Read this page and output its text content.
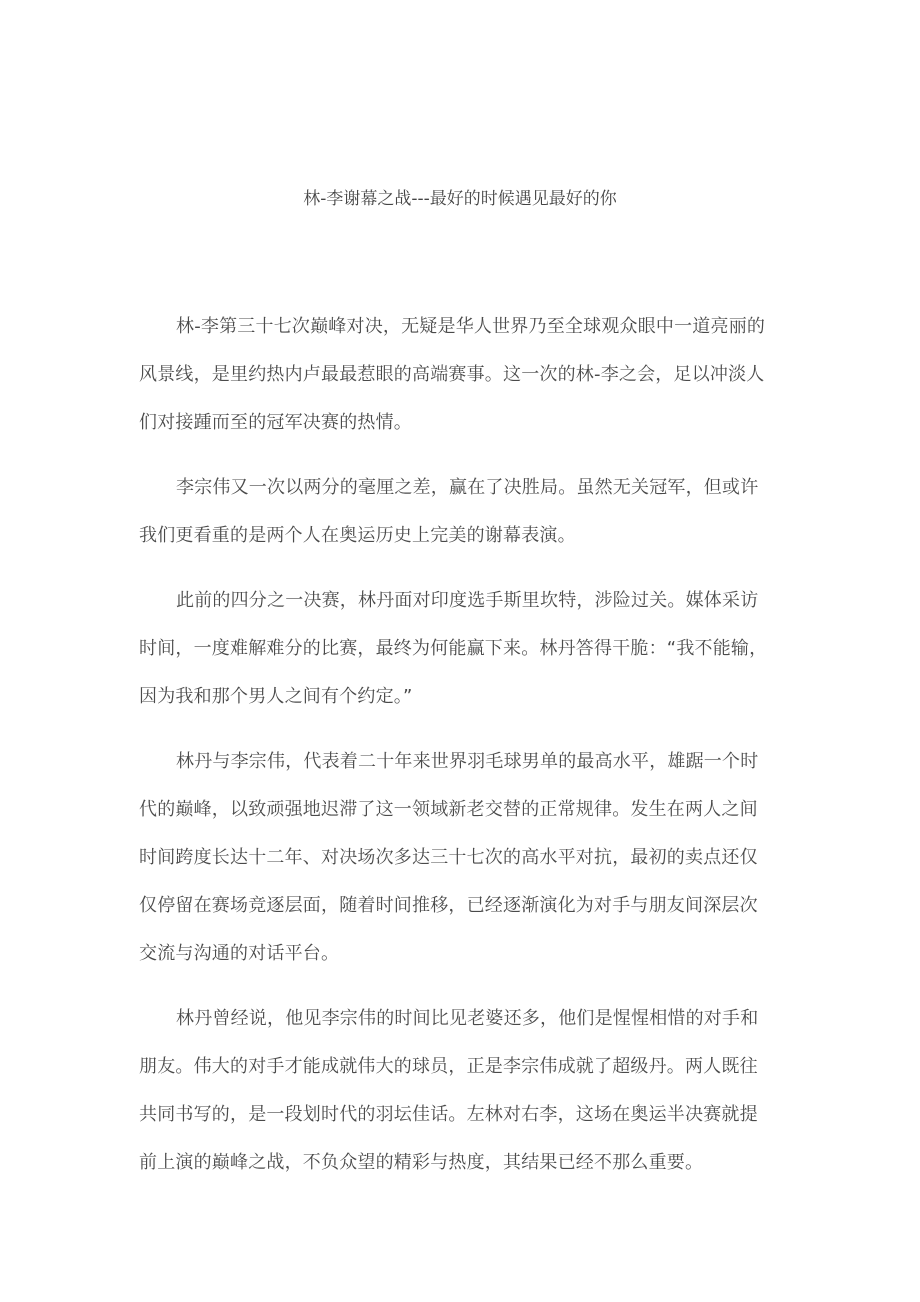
林-李谢幕之战---最好的时候遇见最好的你
林-李第三十七次巅峰对决，无疑是华人世界乃至全球观众眼中一道亮丽的
风景线，是里约热内卢最最惹眼的高端赛事。这一次的林-李之会，足以冲淡人
们对接踵而至的冠军决赛的热情。
李宗伟又一次以两分的毫厘之差，赢在了决胜局。虽然无关冠军，但或许
我们更看重的是两个人在奥运历史上完美的谢幕表演。
此前的四分之一决赛，林丹面对印度选手斯里坎特，涉险过关。媒体采访
时间，一度难解难分的比赛，最终为何能赢下来。林丹答得干脆：“我不能输，
因为我和那个男人之间有个约定。”
林丹与李宗伟，代表着二十年来世界羽毛球男单的最高水平，雄踞一个时
代的巅峰，以致顽强地迟滞了这一领域新老交替的正常规律。发生在两人之间
时间跨度长达十二年、对决场次多达三十七次的高水平对抗，最初的卖点还仅
仅停留在赛场竞逐层面，随着时间推移，已经逐渐演化为对手与朋友间深层次
交流与沟通的对话平台。
林丹曾经说，他见李宗伟的时间比见老婆还多，他们是惺惺相惜的对手和
朋友。伟大的对手才能成就伟大的球员，正是李宗伟成就了超级丹。两人既往
共同书写的，是一段划时代的羽坛佳话。左林对右李，这场在奥运半决赛就提
前上演的巅峰之战，不负众望的精彩与热度，其结果已经不那么重要。
